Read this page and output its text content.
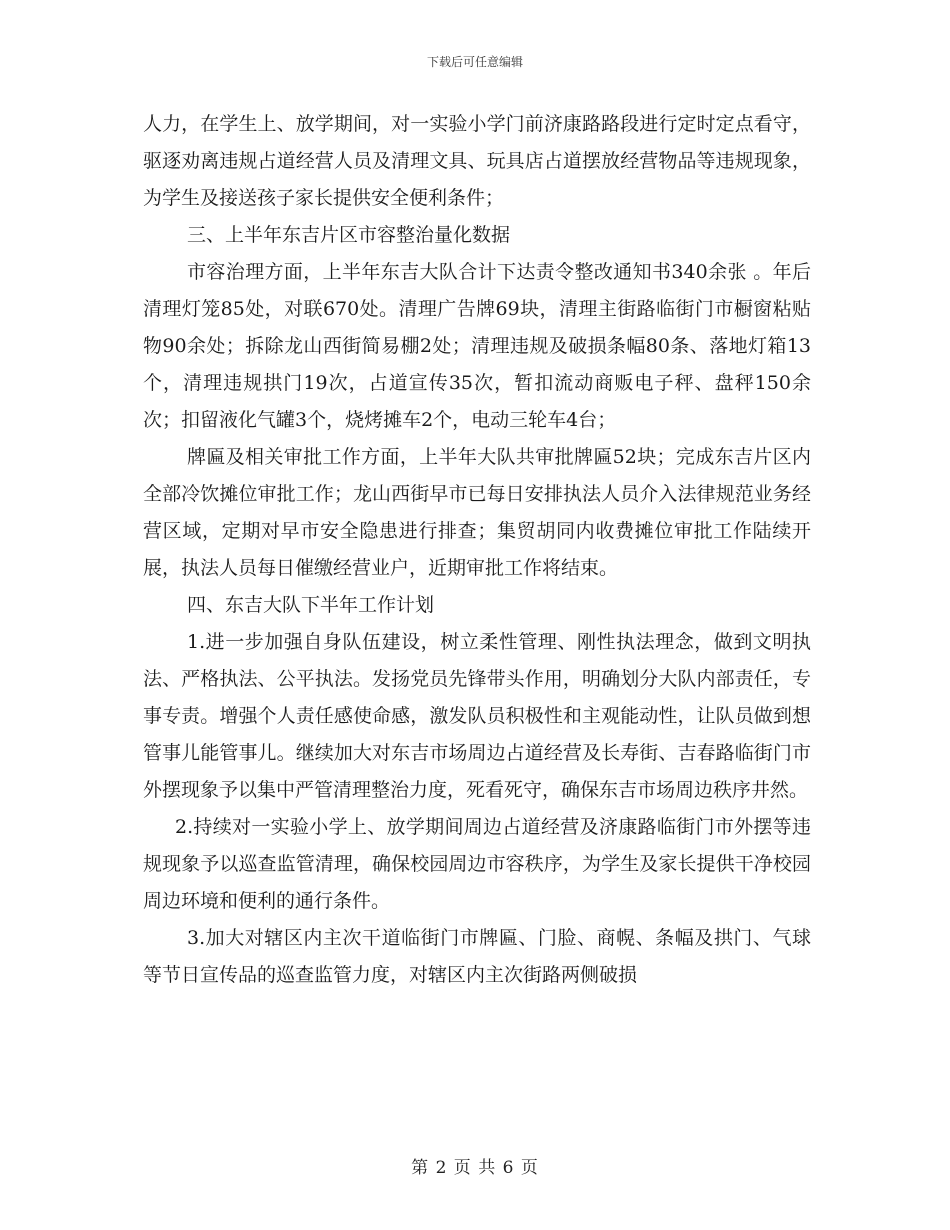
下载后可任意编辑

人力，在学生上、放学期间，对一实验小学门前济康路路段进行定时定点看守，驱逐劝离违规占道经营人员及清理文具、玩具店占道摆放经营物品等违规现象，为学生及接送孩子家长提供安全便利条件；

三、上半年东吉片区市容整治量化数据

市容治理方面，上半年东吉大队合计下达责令整改通知书340余张 。年后清理灯笼85处，对联670处。清理广告牌69块，清理主街路临街门市橱窗粘贴物90余处；拆除龙山西街简易棚2处；清理违规及破损条幅80条、落地灯箱13个，清理违规拱门19次，占道宣传35次，暂扣流动商贩电子秤、盘秤150余次；扣留液化气罐3个，烧烤摊车2个，电动三轮车4台；

牌匾及相关审批工作方面，上半年大队共审批牌匾52块；完成东吉片区内全部冷饮摊位审批工作；龙山西街早市已每日安排执法人员介入法律规范业务经营区域，定期对早市安全隐患进行排查；集贸胡同内收费摊位审批工作陆续开展，执法人员每日催缴经营业户，近期审批工作将结束。

四、东吉大队下半年工作计划

1.进一步加强自身队伍建设，树立柔性管理、刚性执法理念，做到文明执法、严格执法、公平执法。发扬党员先锋带头作用，明确划分大队内部责任，专事专责。增强个人责任感使命感，激发队员积极性和主观能动性，让队员做到想管事儿能管事儿。继续加大对东吉市场周边占道经营及长寿街、吉春路临街门市外摆现象予以集中严管清理整治力度，死看死守，确保东吉市场周边秩序井然。

2.持续对一实验小学上、放学期间周边占道经营及济康路临街门市外摆等违规现象予以巡查监管清理，确保校园周边市容秩序，为学生及家长提供干净校园周边环境和便利的通行条件。

3.加大对辖区内主次干道临街门市牌匾、门脸、商幌、条幅及拱门、气球等节日宣传品的巡查监管力度，对辖区内主次街路两侧破损

第 2 页 共 6 页
